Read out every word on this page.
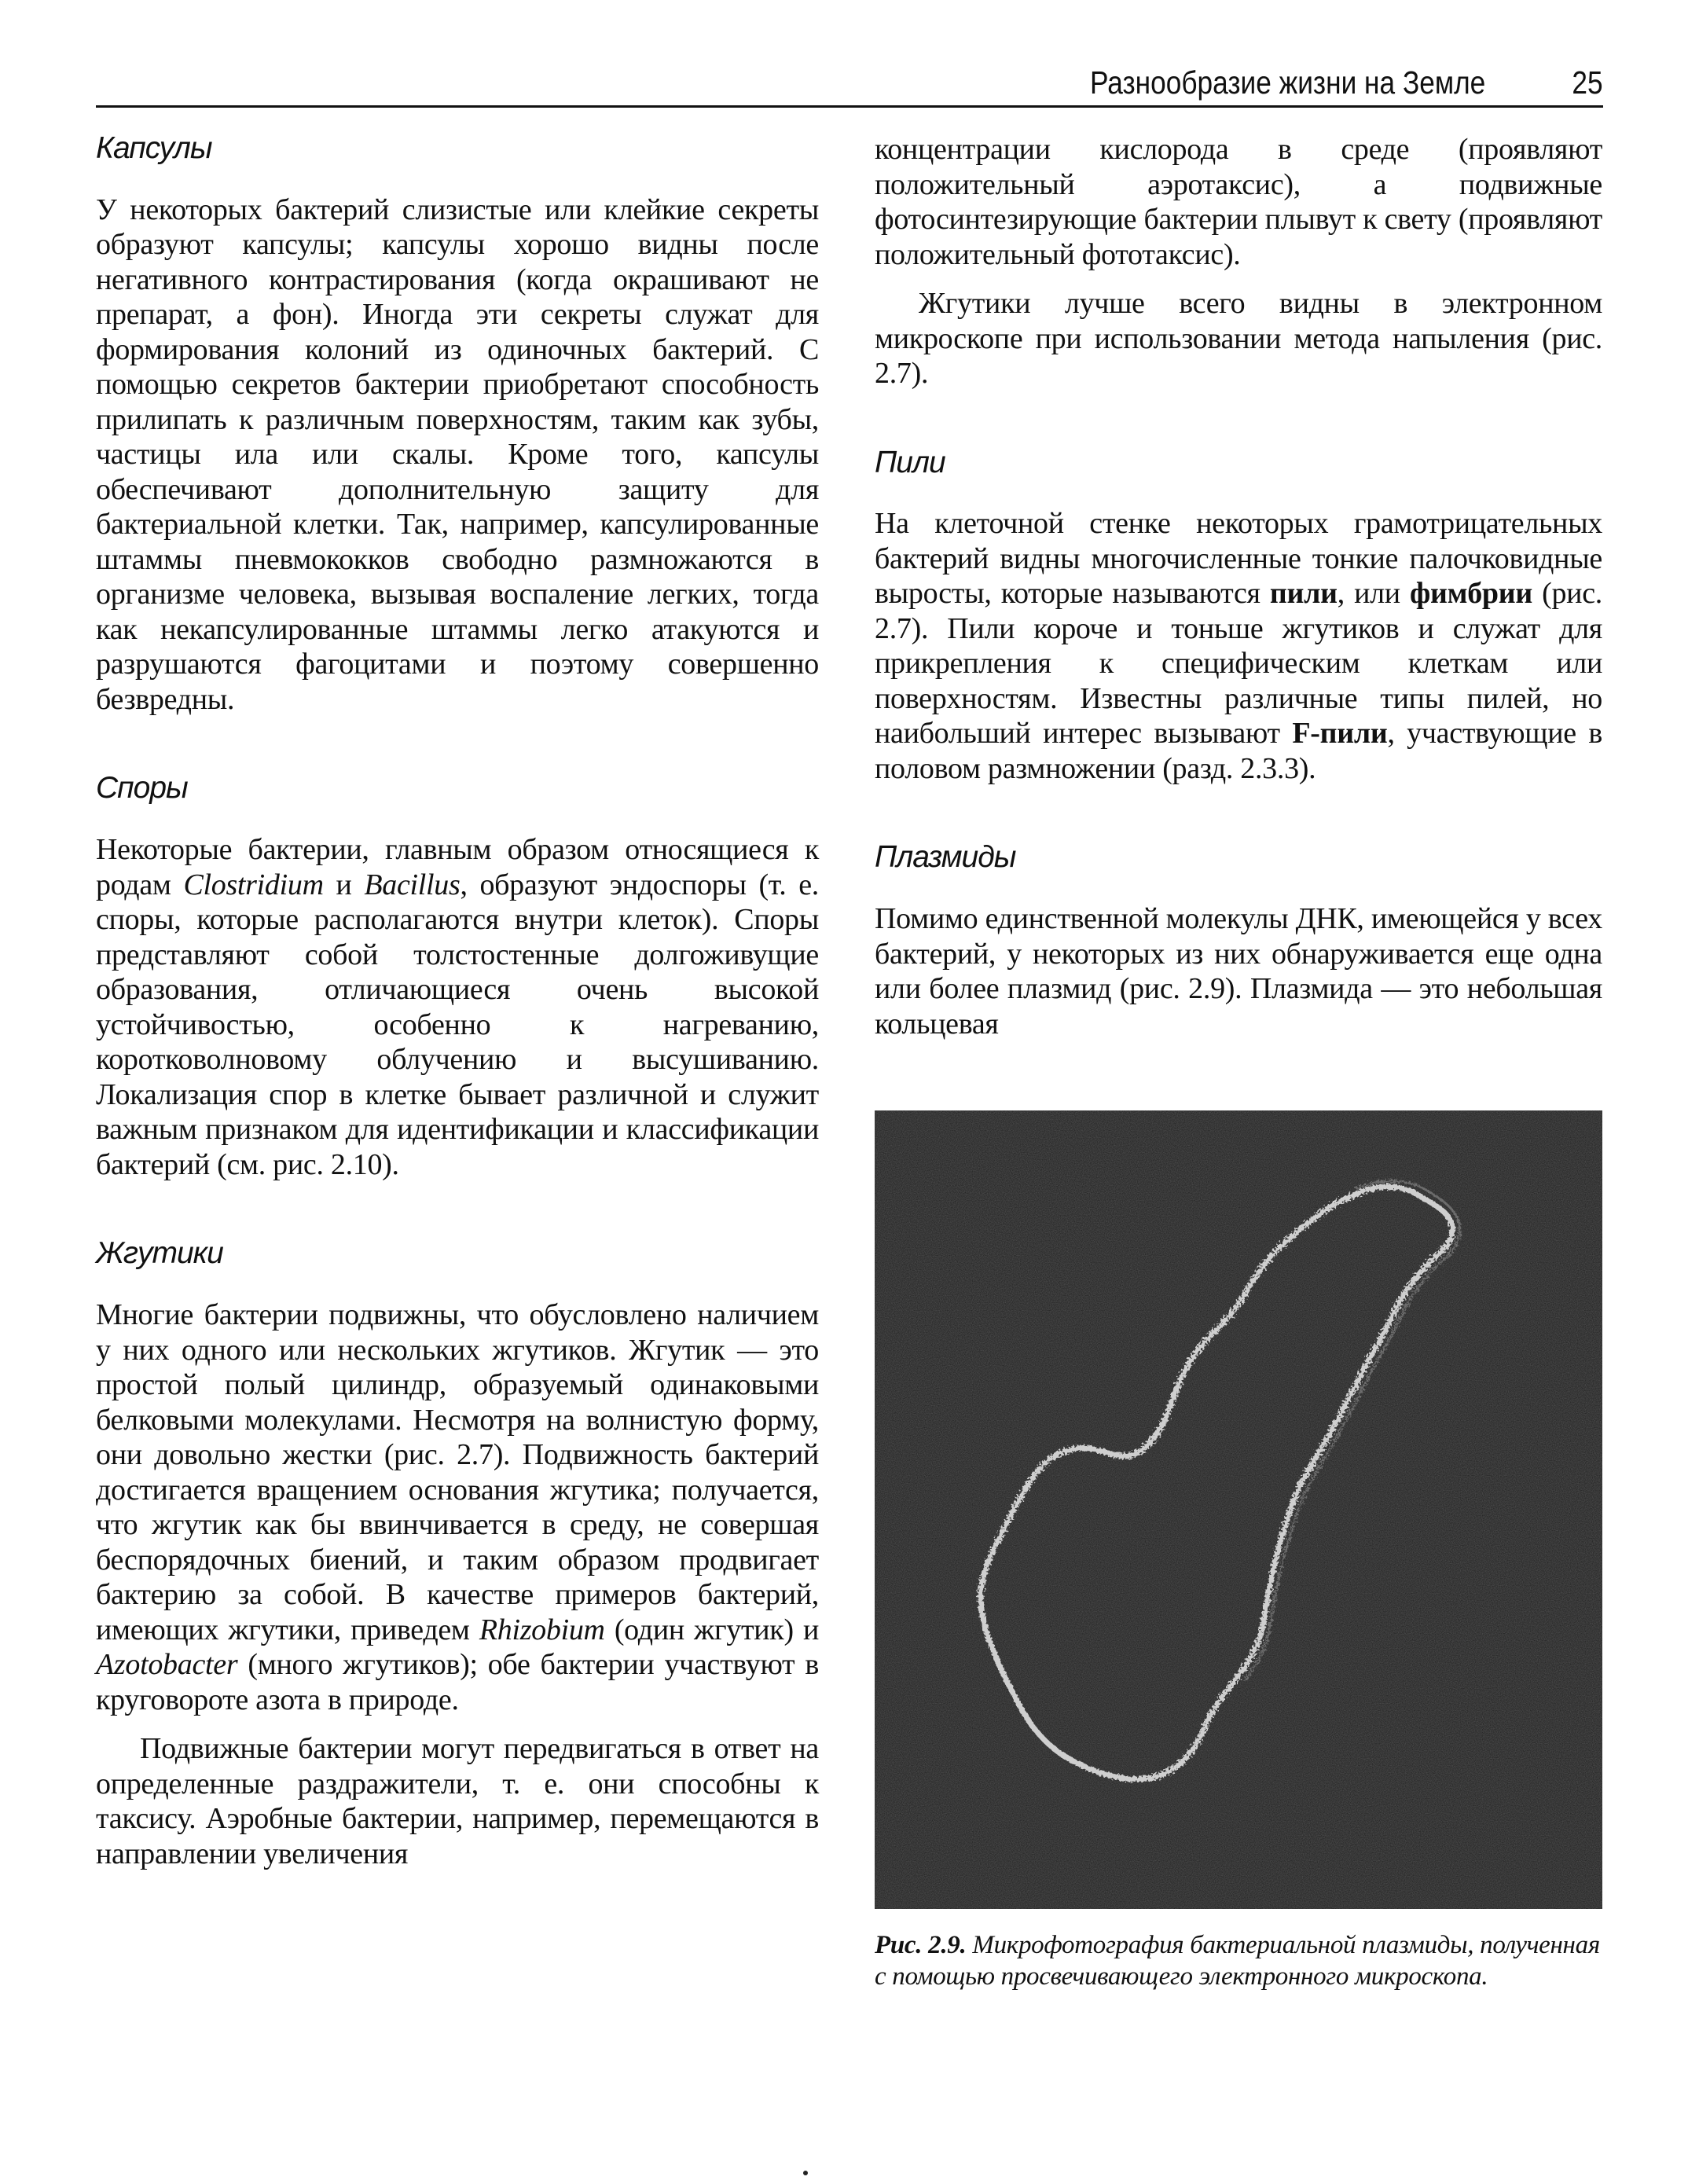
Разнообразие жизни на Земле	25
Капсулы

У некоторых бактерий слизистые или клейкие секреты образуют капсулы; капсулы хорошо видны после негативного контрастирования (когда окрашивают не препарат, а фон). Иногда эти секреты служат для формирования колоний из одиночных бактерий. С помощью секретов бактерии приобретают способность прилипать к различным поверхностям, таким как зубы, частицы ила или скалы. Кроме того, капсулы обеспечивают дополнительную защиту для бактериальной клетки. Так, например, капсулированные штаммы пневмококков свободно размножаются в организме человека, вызывая воспаление легких, тогда как некапсулированные штаммы легко атакуются и разрушаются фагоцитами и поэтому совершенно безвредны.

Споры

Некоторые бактерии, главным образом относящиеся к родам Clostridium и Bacillus, образуют эндоспоры (т. е. споры, которые располагаются внутри клеток). Споры представляют собой толстостенные долгоживущие образования, отличающиеся очень высокой устойчивостью, особенно к нагреванию, коротковолновому облучению и высушиванию. Локализация спор в клетке бывает различной и служит важным признаком для идентификации и классификации бактерий (см. рис. 2.10).

Жгутики

Многие бактерии подвижны, что обусловлено наличием у них одного или нескольких жгутиков. Жгутик — это простой полый цилиндр, образуемый одинаковыми белковыми молекулами. Несмотря на волнистую форму, они довольно жестки (рис. 2.7). Подвижность бактерий достигается вращением основания жгутика; получается, что жгутик как бы ввинчивается в среду, не совершая беспорядочных биений, и таким образом продвигает бактерию за собой. В качестве примеров бактерий, имеющих жгутики, приведем Rhizobium (один жгутик) и Azotobacter (много жгутиков); обе бактерии участвуют в круговороте азота в природе.

Подвижные бактерии могут передвигаться в ответ на определенные раздражители, т. е. они способны к таксису. Аэробные бактерии, например, перемещаются в направлении увеличения

концентрации кислорода в среде (проявляют положительный аэротаксис), а подвижные фотосинтезирующие бактерии плывут к свету (проявляют положительный фототаксис).

Жгутики лучше всего видны в электронном микроскопе при использовании метода напыления (рис. 2.7).

Пили

На клеточной стенке некоторых грамотрицательных бактерий видны многочисленные тонкие палочковидные выросты, которые называются пили, или фимбрии (рис. 2.7). Пили короче и тоньше жгутиков и служат для прикрепления к специфическим клеткам или поверхностям. Известны различные типы пилей, но наибольший интерес вызывают F-пили, участвующие в половом размножении (разд. 2.3.3).

Плазмиды

Помимо единственной молекулы ДНК, имеющейся у всех бактерий, у некоторых из них обнаруживается еще одна или более плазмид (рис. 2.9). Плазмида — это небольшая кольцевая

Рис. 2.9. Микрофотография бактериальной плазмиды, полученная с помощью просвечивающего электронного микроскопа.
